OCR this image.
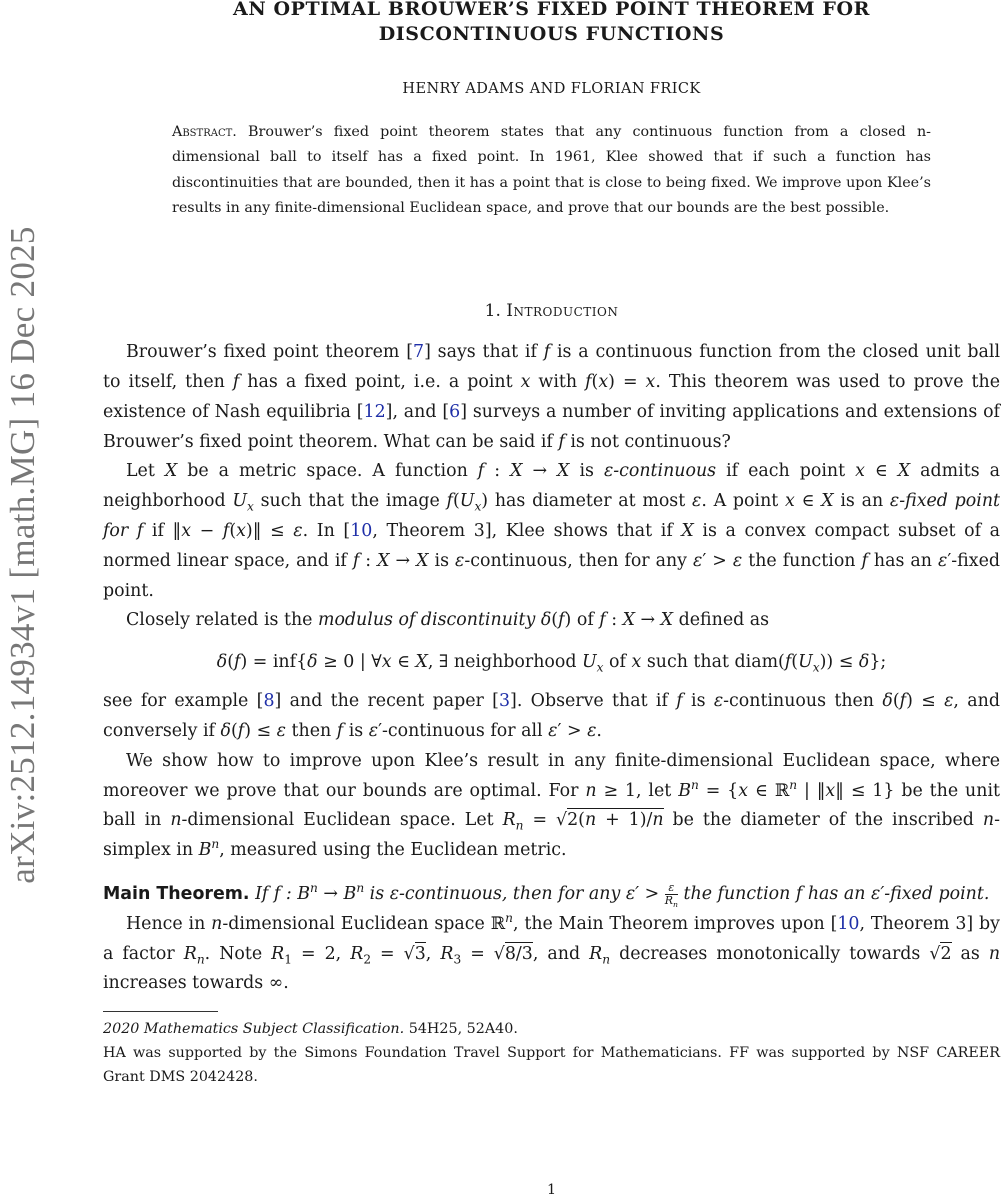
arXiv:2512.14934v1 [math.MG] 16 Dec 2025
AN OPTIMAL BROUWER’S FIXED POINT THEOREM FOR
DISCONTINUOUS FUNCTIONS
HENRY ADAMS AND FLORIAN FRICK
Abstract. Brouwer’s fixed point theorem states that any continuous function from a closed n-dimensional ball to itself has a fixed point. In 1961, Klee showed that if such a function has discontinuities that are bounded, then it has a point that is close to being fixed. We improve upon Klee’s results in any finite-dimensional Euclidean space, and prove that our bounds are the best possible.
1. Introduction

Brouwer’s fixed point theorem [7] says that if f is a continuous function from the closed unit ball to itself, then f has a fixed point, i.e. a point x with f(x) = x. This theorem was used to prove the existence of Nash equilibria [12], and [6] surveys a number of inviting applications and extensions of Brouwer’s fixed point theorem. What can be said if f is not continuous?

Let X be a metric space. A function f : X → X is ε-continuous if each point x ∈ X admits a neighborhood $U_x$ such that the image $f(U_x)$ has diameter at most ε. A point x ∈ X is an ε-fixed point for f if ‖x − f(x)‖ ≤ ε. In [10, Theorem 3], Klee shows that if X is a convex compact subset of a normed linear space, and if f : X → X is ε-continuous, then for any ε′ > ε the function f has an ε′-fixed point.

Closely related is the modulus of discontinuity δ(f) of f : X → X defined as

δ(f) = inf{δ ≥ 0 | ∀x ∈ X, ∃ neighborhood $U_x$ of x such that $diam(f(U_x)) \le \delta$};

see for example [8] and the recent paper [3]. Observe that if f is ε-continuous then δ(f) ≤ ε, and conversely if δ(f) ≤ ε then f is ε′-continuous for all ε′ > ε.

We show how to improve upon Klee’s result in any finite-dimensional Euclidean space, where moreover we prove that our bounds are optimal. For n ≥ 1, let $B^n = \{x$ ∈ ℝ$^n$ | ‖x‖ ≤ 1} be the unit ball in n-dimensional Euclidean space. Let $R_n = √2(n + 1)/n$ be the diameter of the inscribed n-simplex in $B^n$, measured using the Euclidean metric.

Main Theorem. If f : $B^n \to B^n$ is ε-continuous, then for any $\varepsilon' > \frac{\varepsilon}{R_n}$ the function f has an ε′-fixed point.

Hence in n-dimensional Euclidean space ℝ$^n$, the Main Theorem improves upon [10, Theorem 3] by a factor $R_n$. Note $R_1 = 2$, $R_2 = √3$, $R_3 = √8/3$, and $R_n$ decreases monotonically towards √2 as n increases towards ∞.

2020 Mathematics Subject Classification. 54H25, 52A40.

HA was supported by the Simons Foundation Travel Support for Mathematicians. FF was supported by NSF CAREER Grant DMS 2042428.

1
